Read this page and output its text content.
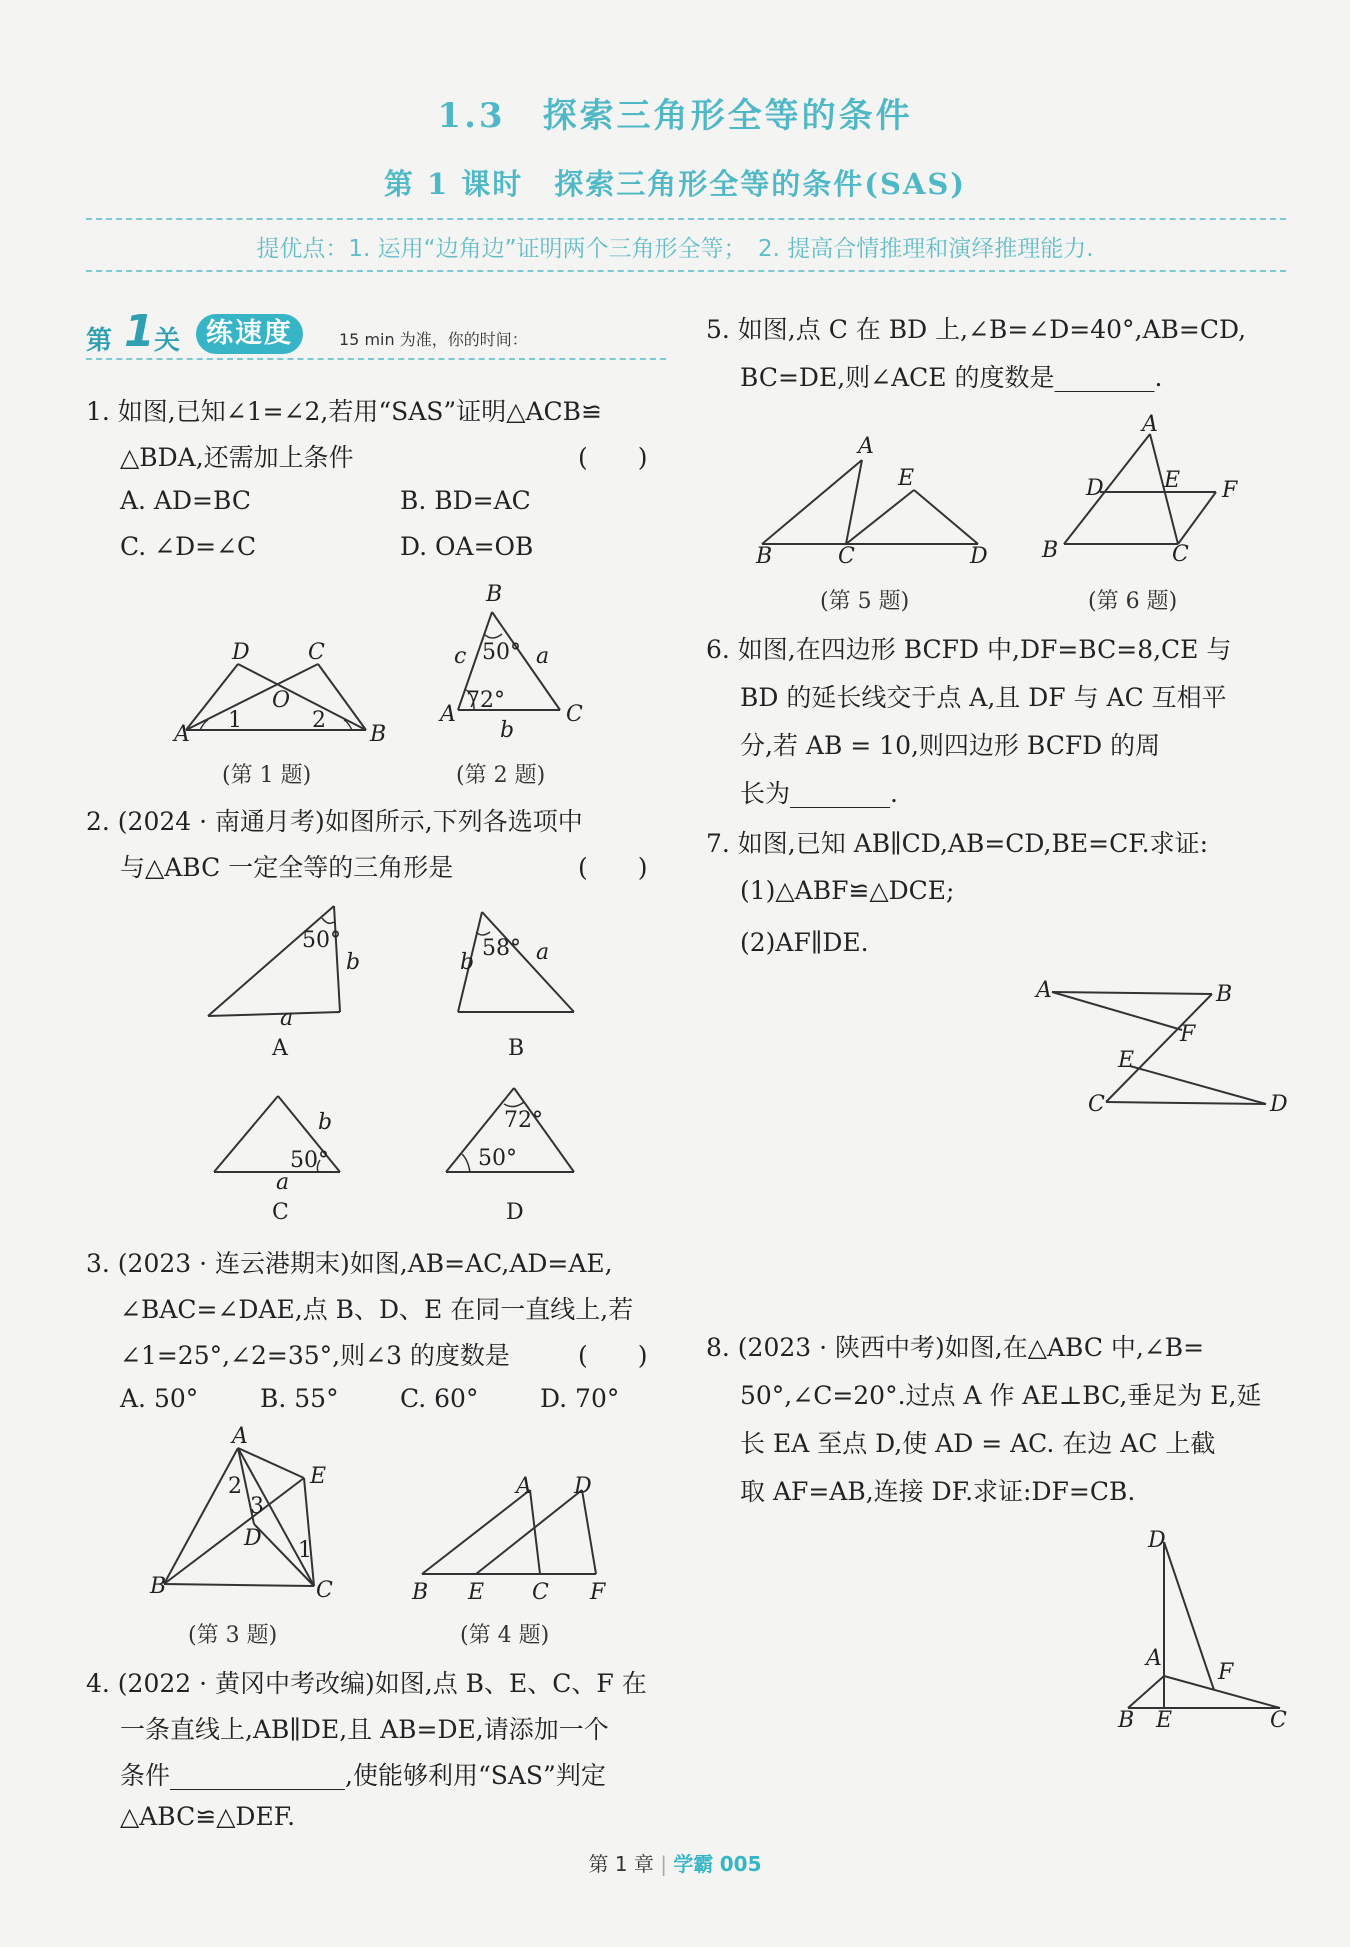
1.3　探索三角形全等的条件
第 1 课时　探索三角形全等的条件(SAS)
提优点：1. 运用“边角边”证明两个三角形全等；　2. 提高合情推理和演绎推理能力.
第 1 关 练速度	15 min 为准，你的时间：
1. 如图,已知∠1=∠2,若用“SAS”证明△ACB≌
△BDA,还需加上条件	(　　)
A. AD=BC	B. BD=AC
C. ∠D=∠C	D. OA=OB
A	B
D	C
O
1	2
(第 1 题)
B
A	C
c	a
b
50°
72°
(第 2 题)
2. (2024 · 南通月考)如图所示,下列各选项中
与△ABC 一定全等的三角形是	(　　)
50°
b
a
A
58°
b	a
B
b
50°
a
C
72°
50°
D
3. (2023 · 连云港期末)如图,AB=AC,AD=AE,
∠BAC=∠DAE,点 B、D、E 在同一直线上,若
∠1=25°,∠2=35°,则∠3 的度数是	(　　)
A. 50° B. 55° C. 60° D. 70°
A
E
B	C
D
2
3
1
(第 3 题)
A D
B E C F
(第 4 题)
4. (2022 · 黄冈中考改编)如图,点 B、E、C、F 在
一条直线上,AB∥DE,且 AB=DE,请添加一个
条件______________,使能够利用“SAS”判定
△ABC≌△DEF.
5. 如图,点 C 在 BD 上,∠B=∠D=40°,AB=CD,
BC=DE,则∠ACE 的度数是________.
A
E
B	C	D
(第 5 题)
A
D	E F
B	C
(第 6 题)
6. 如图,在四边形 BCFD 中,DF=BC=8,CE 与
BD 的延长线交于点 A,且 DF 与 AC 互相平
分,若 AB = 10,则四边形 BCFD 的周
长为________.
7. 如图,已知 AB∥CD,AB=CD,BE=CF.求证:
(1)△ABF≌△DCE;
(2)AF∥DE.
A	B
F
E
C	D
8. (2023 · 陕西中考)如图,在△ABC 中,∠B=
50°,∠C=20°.过点 A 作 AE⊥BC,垂足为 E,延
长 EA 至点 D,使 AD = AC. 在边 AC 上截
取 AF=AB,连接 DF.求证:DF=CB.
D
A
F
B E	C
第 1 章 | 学霸 005
